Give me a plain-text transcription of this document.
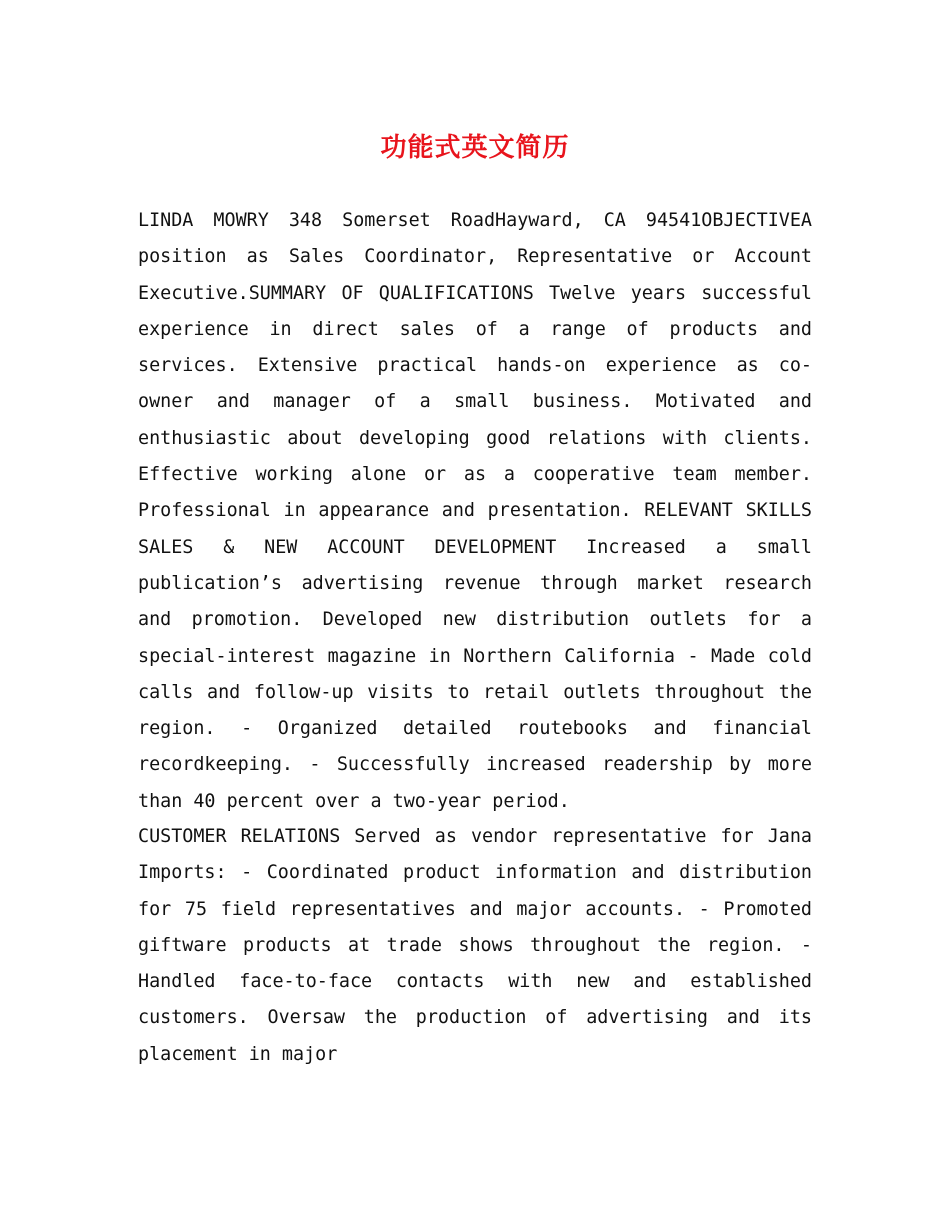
功能式英文简历

LINDA MOWRY 348 Somerset RoadHayward, CA 94541OBJECTIVEA position as Sales Coordinator, Representative or Account Executive.SUMMARY OF QUALIFICATIONS Twelve years successful experience in direct sales of a range of products and services. Extensive practical hands-on experience as co-owner and manager of a small business. Motivated and enthusiastic about developing good relations with clients. Effective working alone or as a cooperative team member. Professional in appearance and presentation. RELEVANT SKILLS SALES & NEW ACCOUNT DEVELOPMENT Increased a small publication’s advertising revenue through market research and promotion. Developed new distribution outlets for a special-interest magazine in Northern California - Made cold calls and follow-up visits to retail outlets throughout the region. - Organized detailed routebooks and financial recordkeeping. - Successfully increased readership by more than 40 percent over a two-year period.

CUSTOMER RELATIONS Served as vendor representative for Jana Imports: - Coordinated product information and distribution for 75 field representatives and major accounts. - Promoted giftware products at trade shows throughout the region. - Handled face-to-face contacts with new and established customers. Oversaw the production of advertising and its placement in major
